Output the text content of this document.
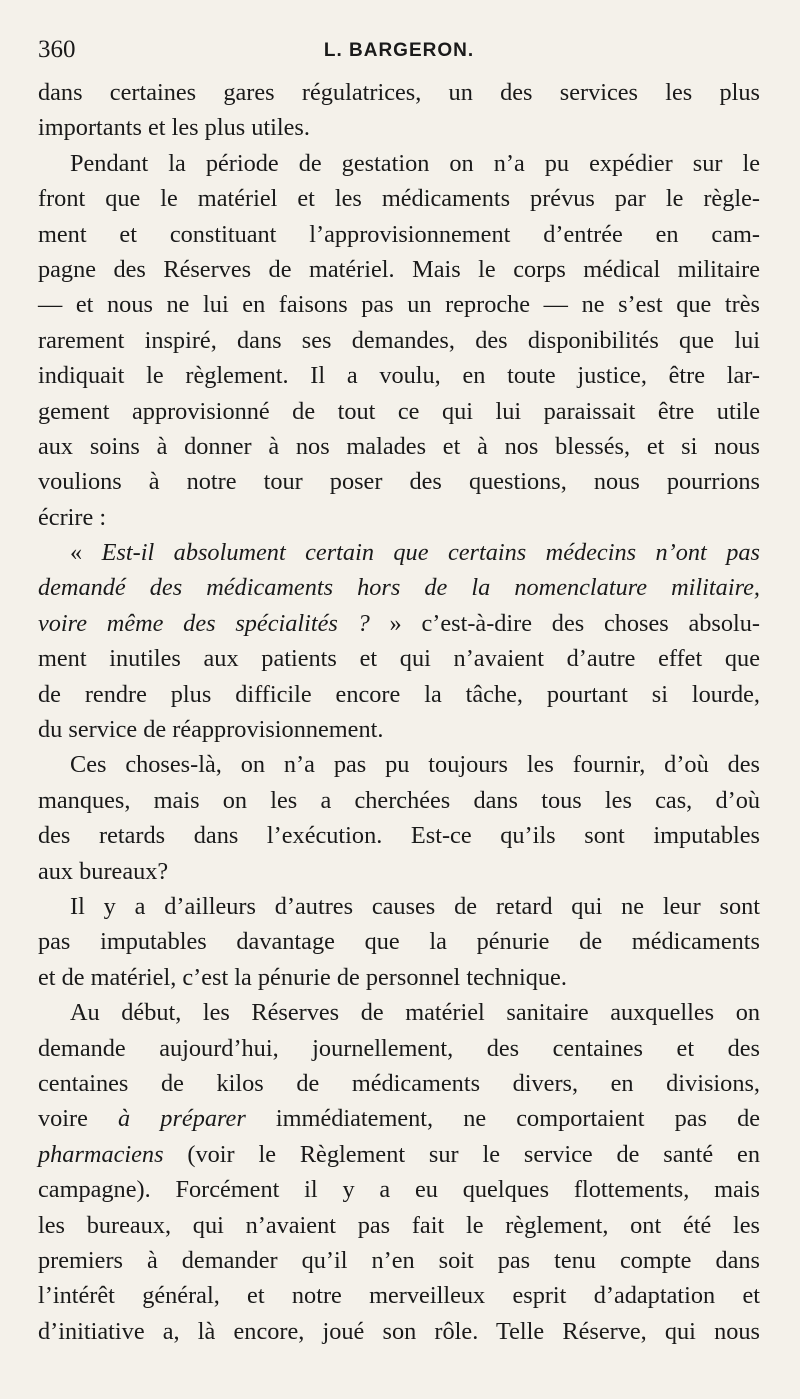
360	L. BARGERON.
dans certaines gares régulatrices, un des services les plus
importants et les plus utiles.
Pendant la période de gestation on n’a pu expédier sur le
front que le matériel et les médicaments prévus par le règle-
ment et constituant l’approvisionnement d’entrée en cam-
pagne des Réserves de matériel. Mais le corps médical militaire
— et nous ne lui en faisons pas un reproche — ne s’est que très
rarement inspiré, dans ses demandes, des disponibilités que lui
indiquait le règlement. Il a voulu, en toute justice, être lar-
gement approvisionné de tout ce qui lui paraissait être utile
aux soins à donner à nos malades et à nos blessés, et si nous
voulions à notre tour poser des questions, nous pourrions
écrire :
« Est-il absolument certain que certains médecins n’ont pas
demandé des médicaments hors de la nomenclature militaire,
voire même des spécialités ? » c’est-à-dire des choses absolu-
ment inutiles aux patients et qui n’avaient d’autre effet que
de rendre plus difficile encore la tâche, pourtant si lourde,
du service de réapprovisionnement.
Ces choses-là, on n’a pas pu toujours les fournir, d’où des
manques, mais on les a cherchées dans tous les cas, d’où
des retards dans l’exécution. Est-ce qu’ils sont imputables
aux bureaux?
Il y a d’ailleurs d’autres causes de retard qui ne leur sont
pas imputables davantage que la pénurie de médicaments
et de matériel, c’est la pénurie de personnel technique.
Au début, les Réserves de matériel sanitaire auxquelles on
demande aujourd’hui, journellement, des centaines et des
centaines de kilos de médicaments divers, en divisions,
voire à préparer immédiatement, ne comportaient pas de
pharmaciens (voir le Règlement sur le service de santé en
campagne). Forcément il y a eu quelques flottements, mais
les bureaux, qui n’avaient pas fait le règlement, ont été les
premiers à demander qu’il n’en soit pas tenu compte dans
l’intérêt général, et notre merveilleux esprit d’adaptation et
d’initiative a, là encore, joué son rôle. Telle Réserve, qui nous
